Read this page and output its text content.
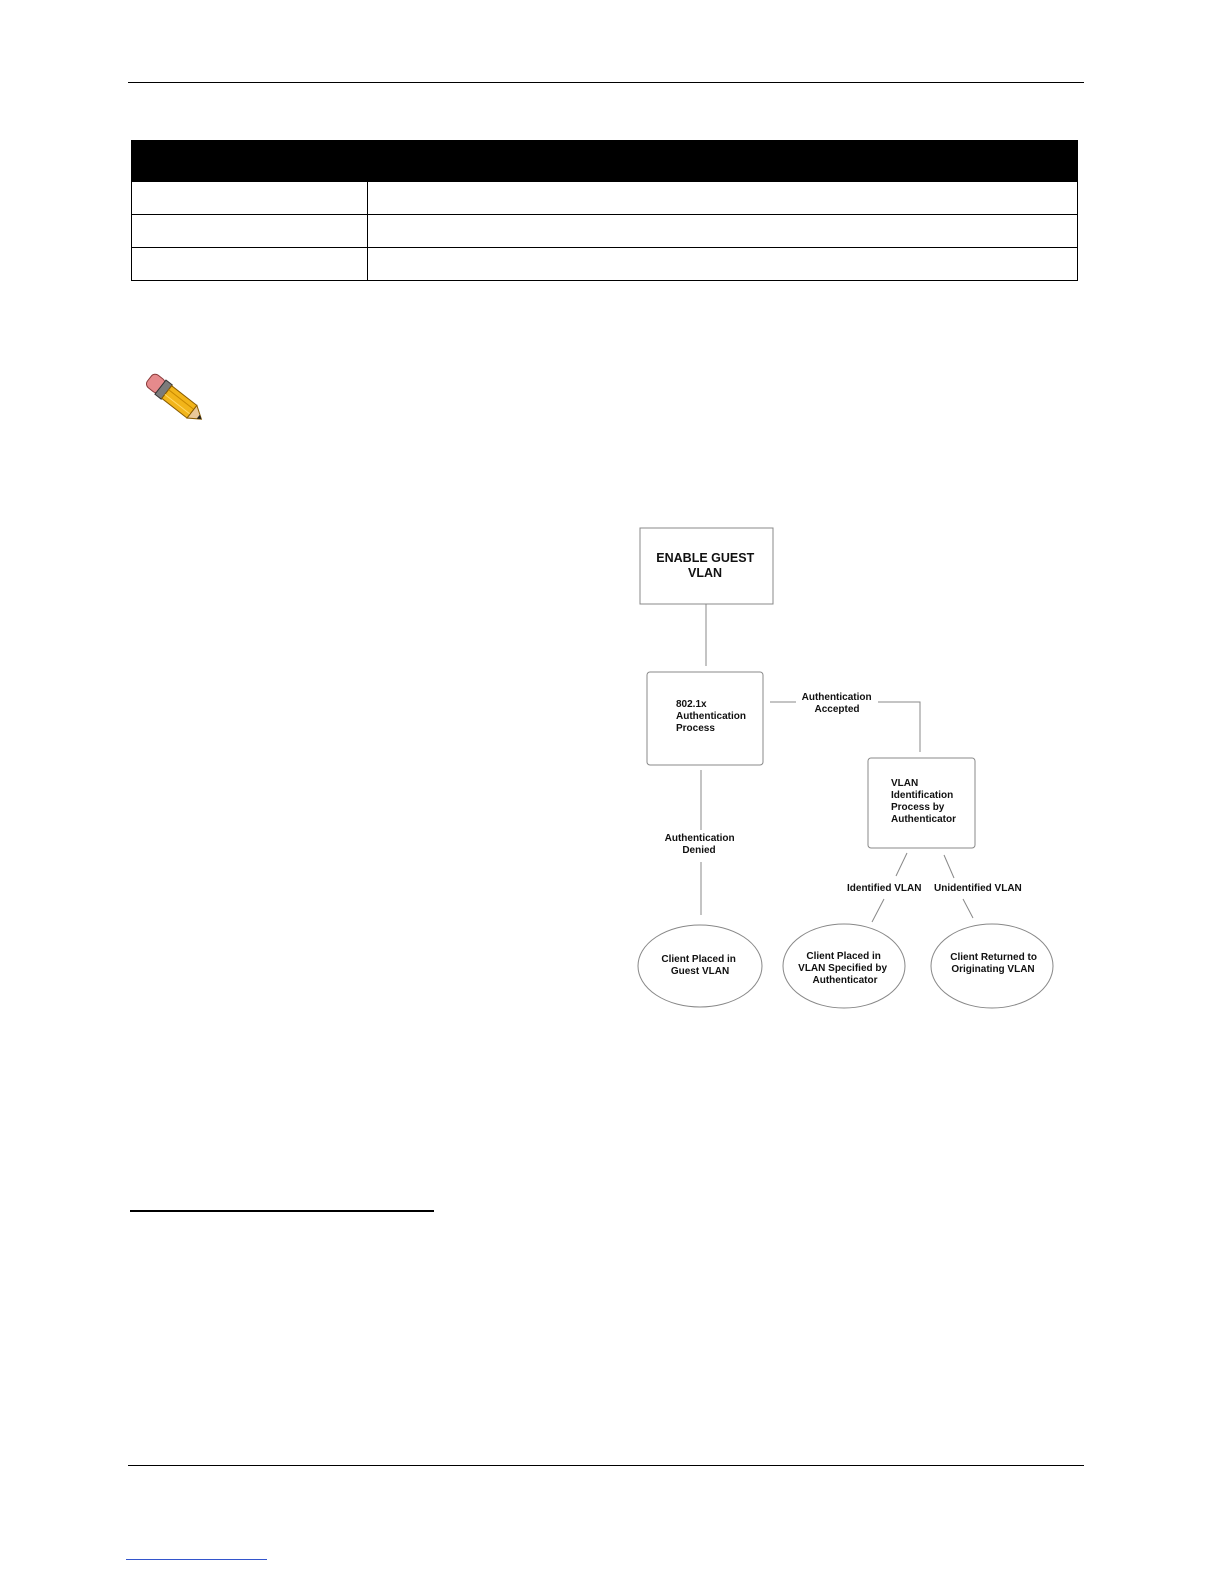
ENABLE GUEST VLAN
802.1x Authentication Process
Authentication Accepted
Authentication Denied
VLAN Identification Process by Authenticator
Identified VLAN Unidentified VLAN
Client Placed in Guest VLAN
Client Placed in VLAN Specified by Authenticator
Client Returned to Originating VLAN
